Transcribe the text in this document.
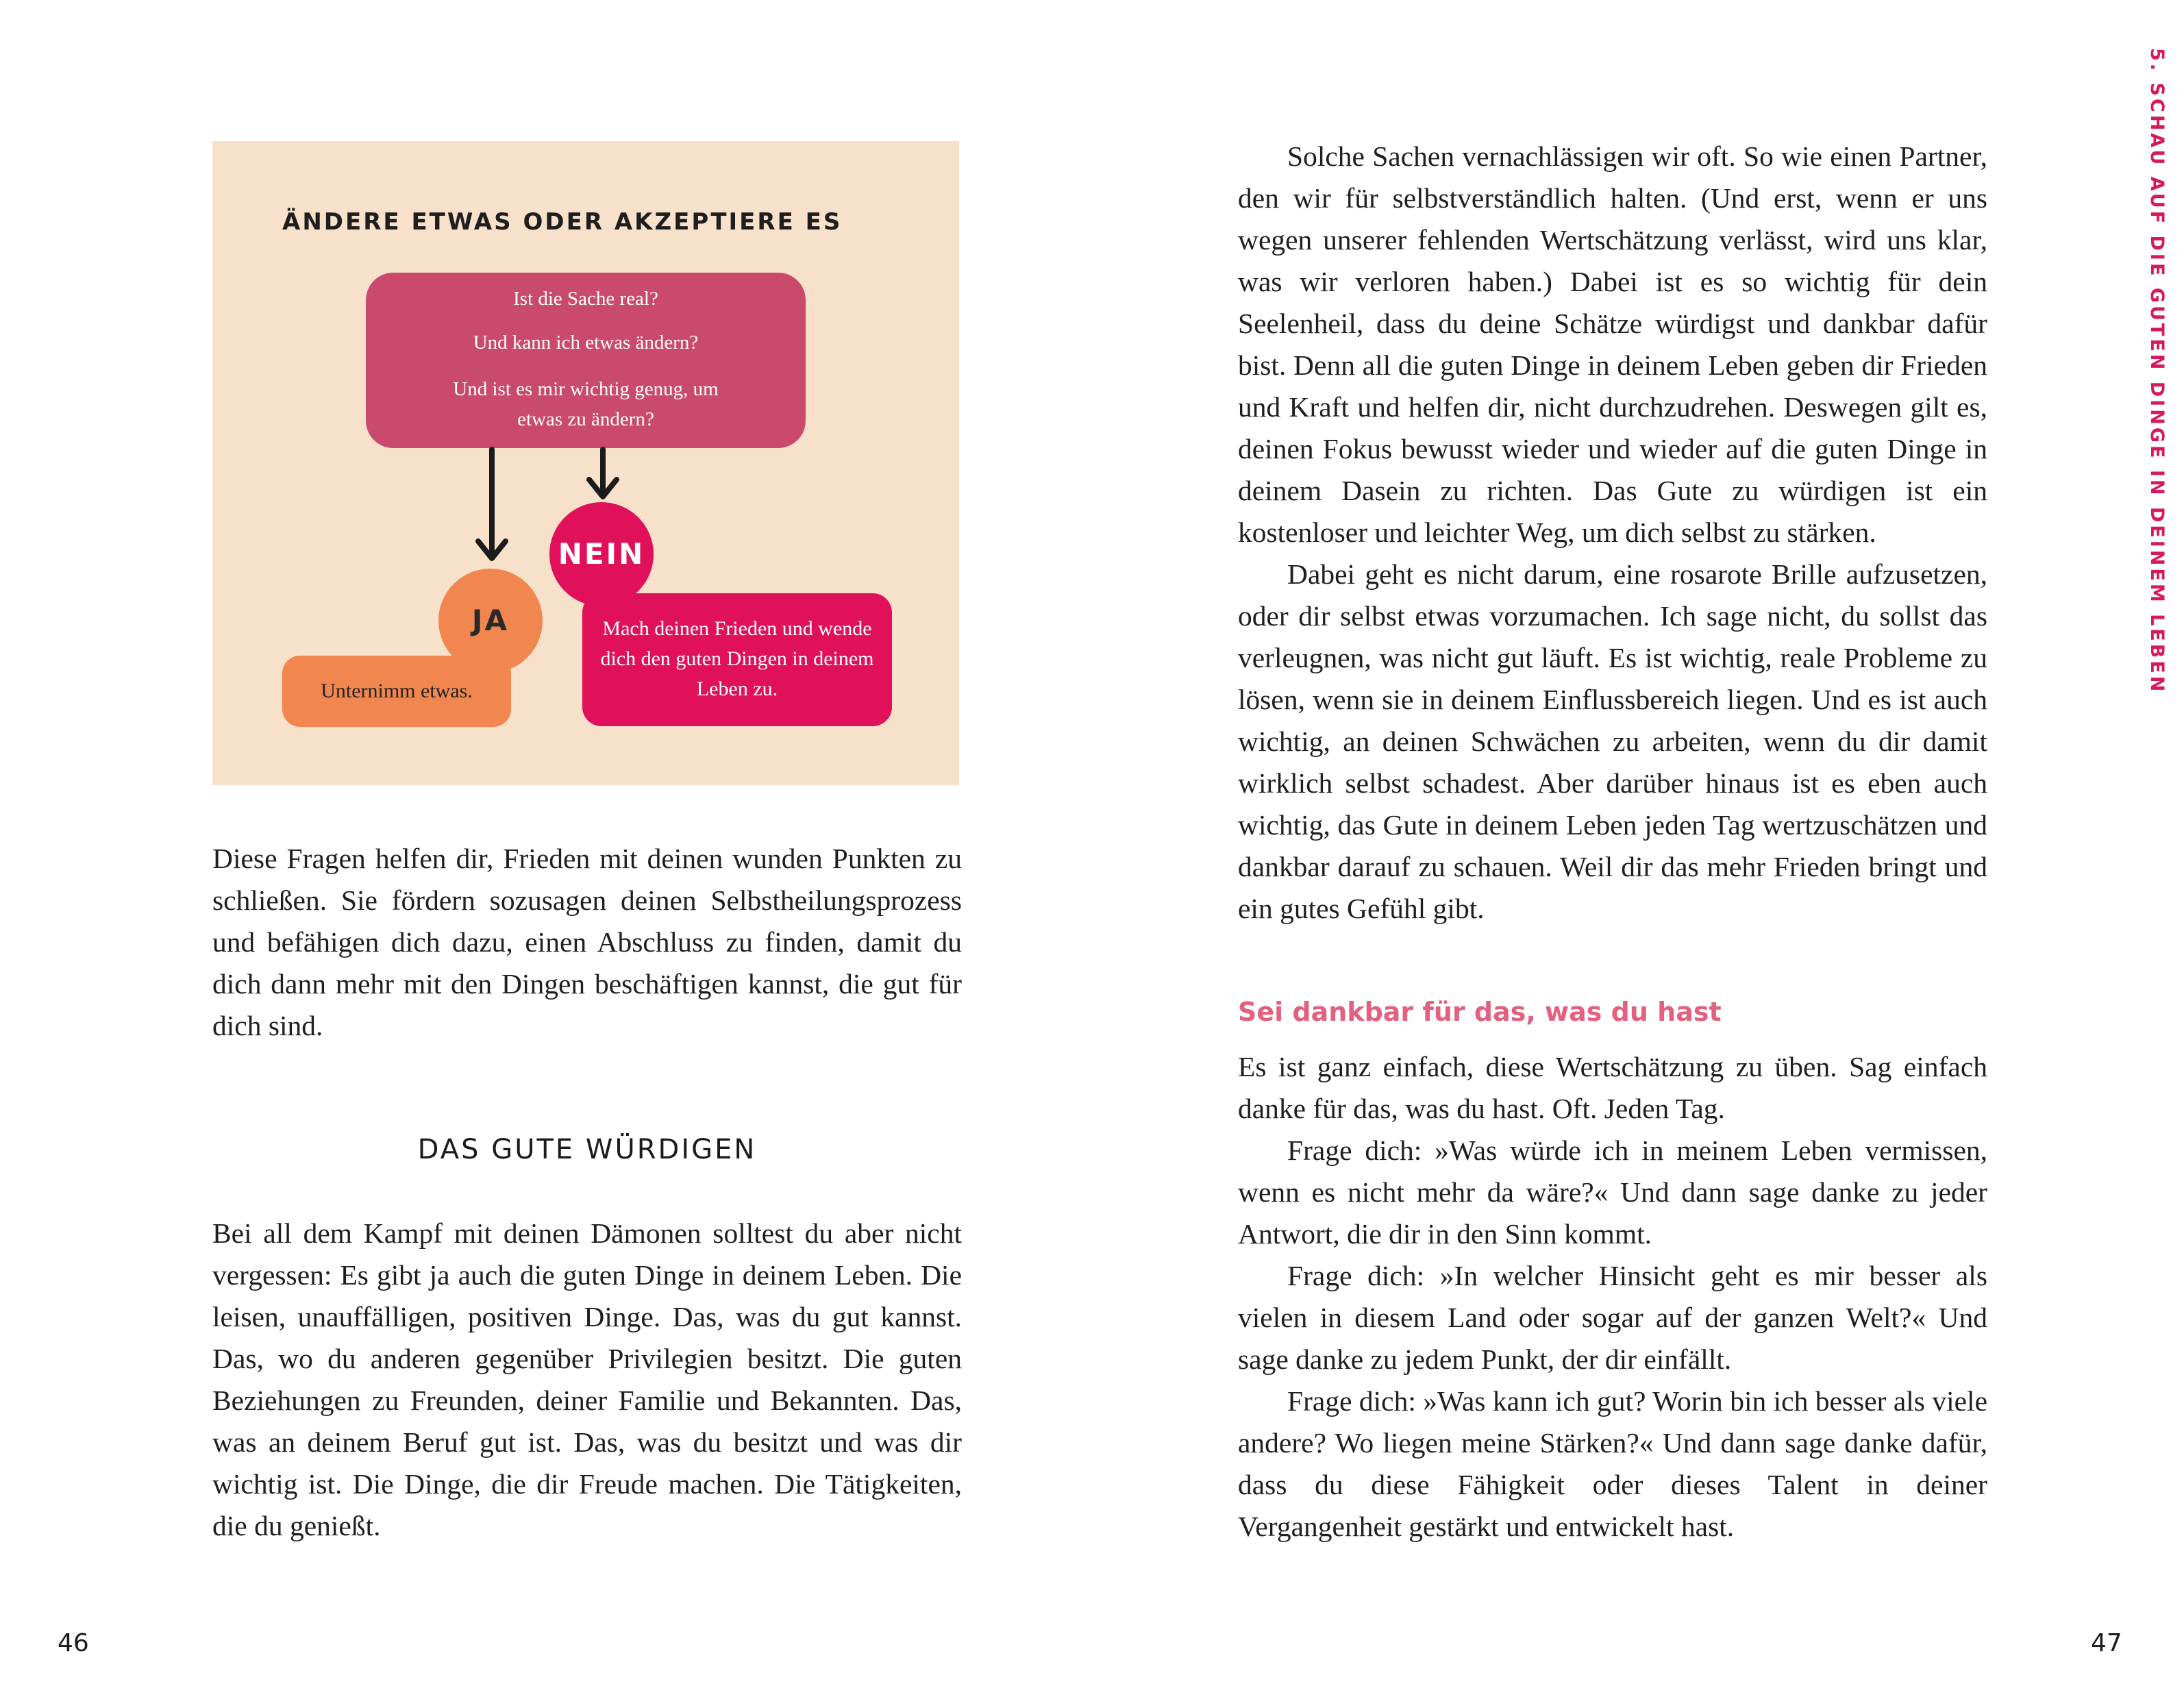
ÄNDERE ETWAS ODER AKZEPTIERE ES

Ist die Sache real?

Und kann ich etwas ändern?

Und ist es mir wichtig genug, um etwas zu ändern?

NEIN
Mach deinen Frieden und wende dich den guten Dingen in deinem Leben zu.
Unternimm etwas.
JA

Diese Fragen helfen dir, Frieden mit deinen wunden Punkten zu schließen. Sie fördern sozusagen deinen Selbstheilungsprozess und befähigen dich dazu, einen Abschluss zu finden, damit du dich dann mehr mit den Dingen beschäftigen kannst, die gut für dich sind.

DAS GUTE WÜRDIGEN

Bei all dem Kampf mit deinen Dämonen solltest du aber nicht vergessen: Es gibt ja auch die guten Dinge in deinem Leben. Die leisen, unauffälligen, positiven Dinge. Das, was du gut kannst. Das, wo du anderen gegenüber Privilegien besitzt. Die guten Beziehungen zu Freunden, deiner Familie und Bekannten. Das, was an deinem Beruf gut ist. Das, was du besitzt und was dir wichtig ist. Die Dinge, die dir Freude machen. Die Tätigkeiten, die du genießt.

46
5. SCHAU AUF DIE GUTEN DINGE IN DEINEM LEBEN

Solche Sachen vernachlässigen wir oft. So wie einen Partner, den wir für selbstverständlich halten. (Und erst, wenn er uns wegen unserer fehlenden Wertschätzung verlässt, wird uns klar, was wir verloren haben.) Dabei ist es so wichtig für dein Seelenheil, dass du deine Schätze würdigst und dankbar dafür bist. Denn all die guten Dinge in deinem Leben geben dir Frieden und Kraft und helfen dir, nicht durchzudrehen. Deswegen gilt es, deinen Fokus bewusst wieder und wieder auf die guten Dinge in deinem Dasein zu richten. Das Gute zu würdigen ist ein kostenloser und leichter Weg, um dich selbst zu stärken.

Dabei geht es nicht darum, eine rosarote Brille aufzusetzen, oder dir selbst etwas vorzumachen. Ich sage nicht, du sollst das verleugnen, was nicht gut läuft. Es ist wichtig, reale Probleme zu lösen, wenn sie in deinem Einflussbereich liegen. Und es ist auch wichtig, an deinen Schwächen zu arbeiten, wenn du dir damit wirklich selbst schadest. Aber darüber hinaus ist es eben auch wichtig, das Gute in deinem Leben jeden Tag wertzuschätzen und dankbar darauf zu schauen. Weil dir das mehr Frieden bringt und ein gutes Gefühl gibt.

Sei dankbar für das, was du hast

Es ist ganz einfach, diese Wertschätzung zu üben. Sag einfach danke für das, was du hast. Oft. Jeden Tag.

Frage dich: »Was würde ich in meinem Leben vermissen, wenn es nicht mehr da wäre?« Und dann sage danke zu jeder Antwort, die dir in den Sinn kommt.

Frage dich: »In welcher Hinsicht geht es mir besser als vielen in diesem Land oder sogar auf der ganzen Welt?« Und sage danke zu jedem Punkt, der dir einfällt.

Frage dich: »Was kann ich gut? Worin bin ich besser als viele andere? Wo liegen meine Stärken?« Und dann sage danke dafür, dass du diese Fähigkeit oder dieses Talent in deiner Vergangenheit gestärkt und entwickelt hast.

47
